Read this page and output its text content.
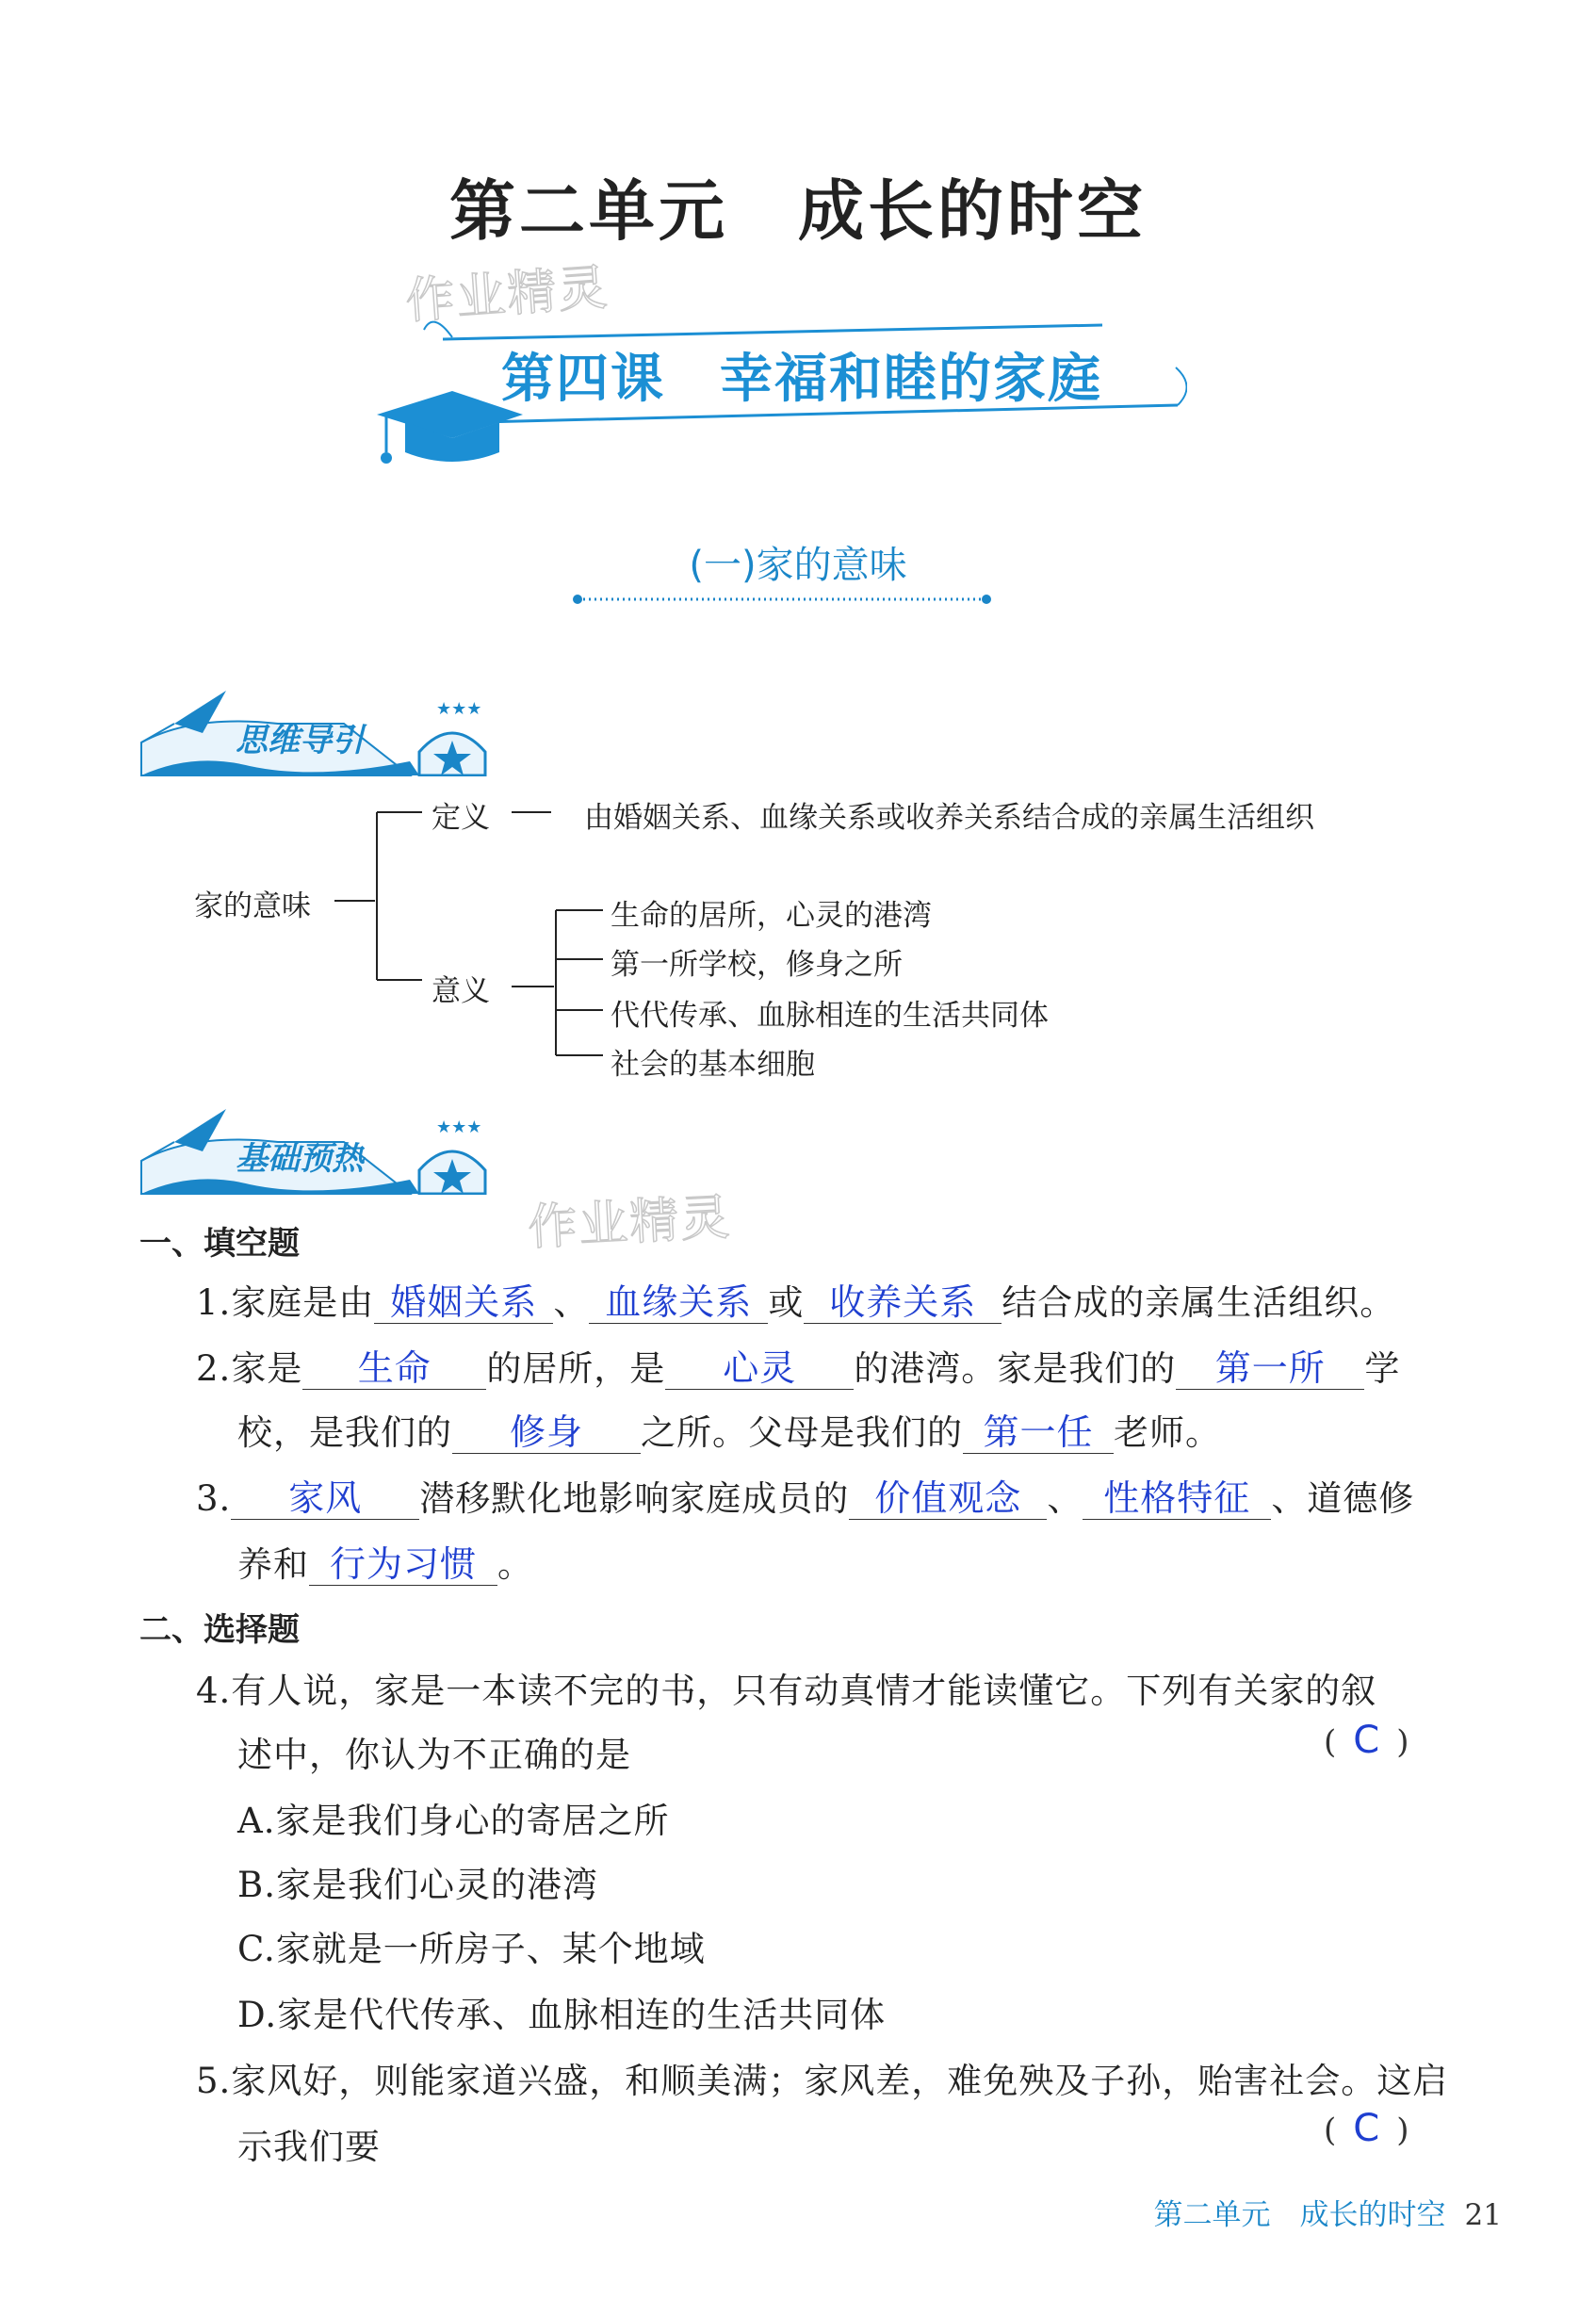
第二单元　成长的时空
作业精灵
第四课　幸福和睦的家庭
(一)家的意味
★★★
思维导引
家的意味
定义	由婚姻关系、血缘关系或收养关系结合成的亲属生活组织
意义
生命的居所，心灵的港湾
第一所学校，修身之所
代代传承、血脉相连的生活共同体
社会的基本细胞
★★★
基础预热
作业精灵
一、填空题
1.家庭是由 婚姻关系 、 血缘关系 或 收养关系 结合成的亲属生活组织。
2.家是 生命 的居所，是 心灵 的港湾。家是我们的 第一所 学
校，是我们的 修身 之所。父母是我们的 第一任 老师。
3. 家风 潜移默化地影响家庭成员的 价值观念 、 性格特征 、道德修
养和 行为习惯 。
二、选择题
4.有人说，家是一本读不完的书，只有动真情才能读懂它。下列有关家的叙
述中，你认为不正确的是	( C )
A.家是我们身心的寄居之所
B.家是我们心灵的港湾
C.家就是一所房子、某个地域
D.家是代代传承、血脉相连的生活共同体
5.家风好，则能家道兴盛，和顺美满；家风差，难免殃及子孙，贻害社会。这启
示我们要	( C )
第二单元　成长的时空 21
